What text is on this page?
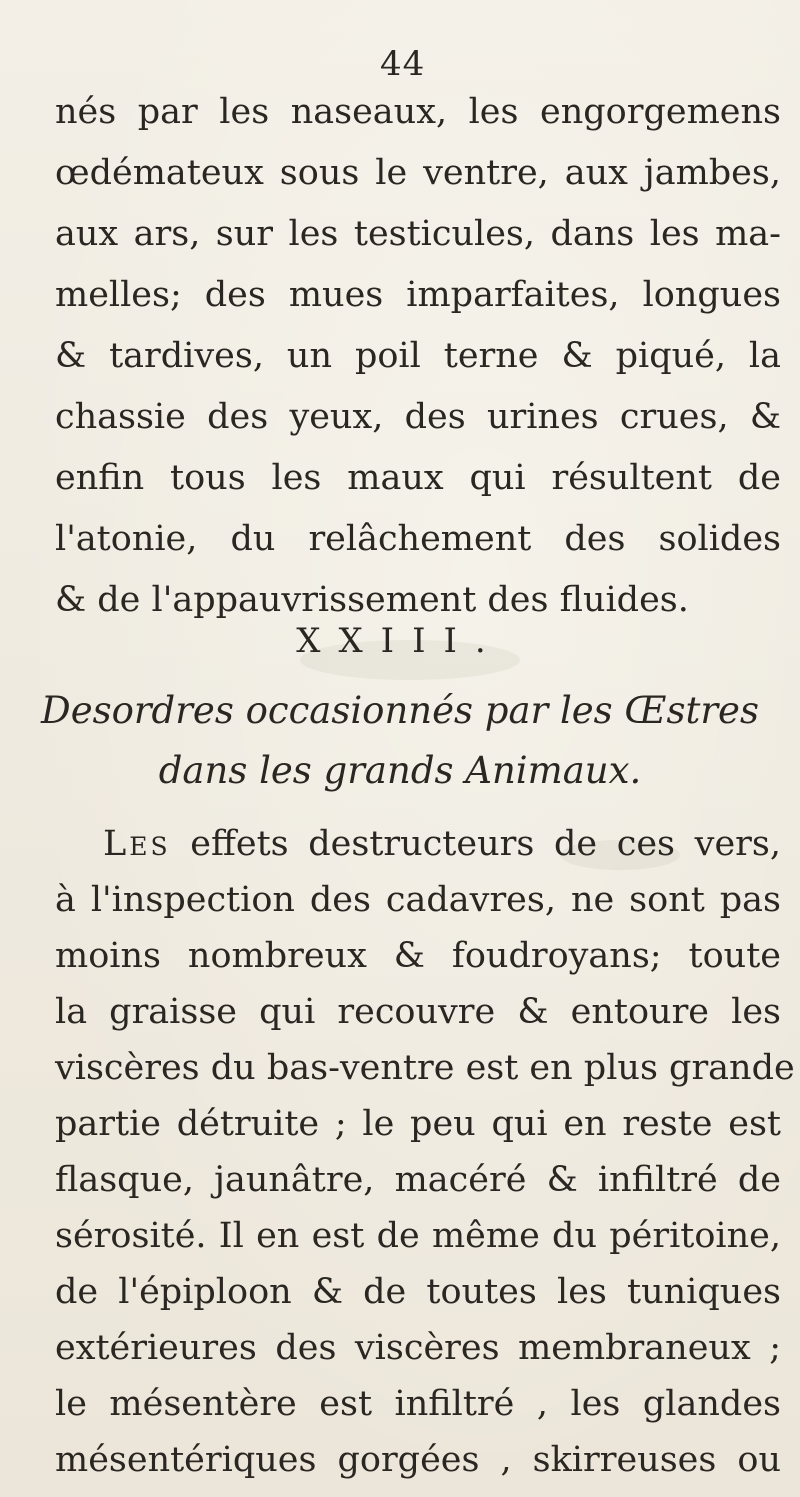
44
nés par les naseaux, les engorgemens
œdémateux sous le ventre, aux jambes,
aux ars, sur les testicules, dans les ma-
melles; des mues imparfaites, longues
& tardives, un poil terne & piqué, la
chassie des yeux, des urines crues, &
enfin tous les maux qui résultent de
l'atonie, du relâchement des solides
& de l'appauvrissement des fluides.
XXIII.
Desordres occasionnés par les Œstres
dans les grands Animaux.
Les effets destructeurs de ces vers,
à l'inspection des cadavres, ne sont pas
moins nombreux & foudroyans; toute
la graisse qui recouvre & entoure les
viscères du bas-ventre est en plus grande
partie détruite ; le peu qui en reste est
flasque, jaunâtre, macéré & infiltré de
sérosité. Il en est de même du péritoine,
de l'épiploon & de toutes les tuniques
extérieures des viscères membraneux ;
le mésentère est infiltré , les glandes
mésentériques gorgées , skirreuses ou
